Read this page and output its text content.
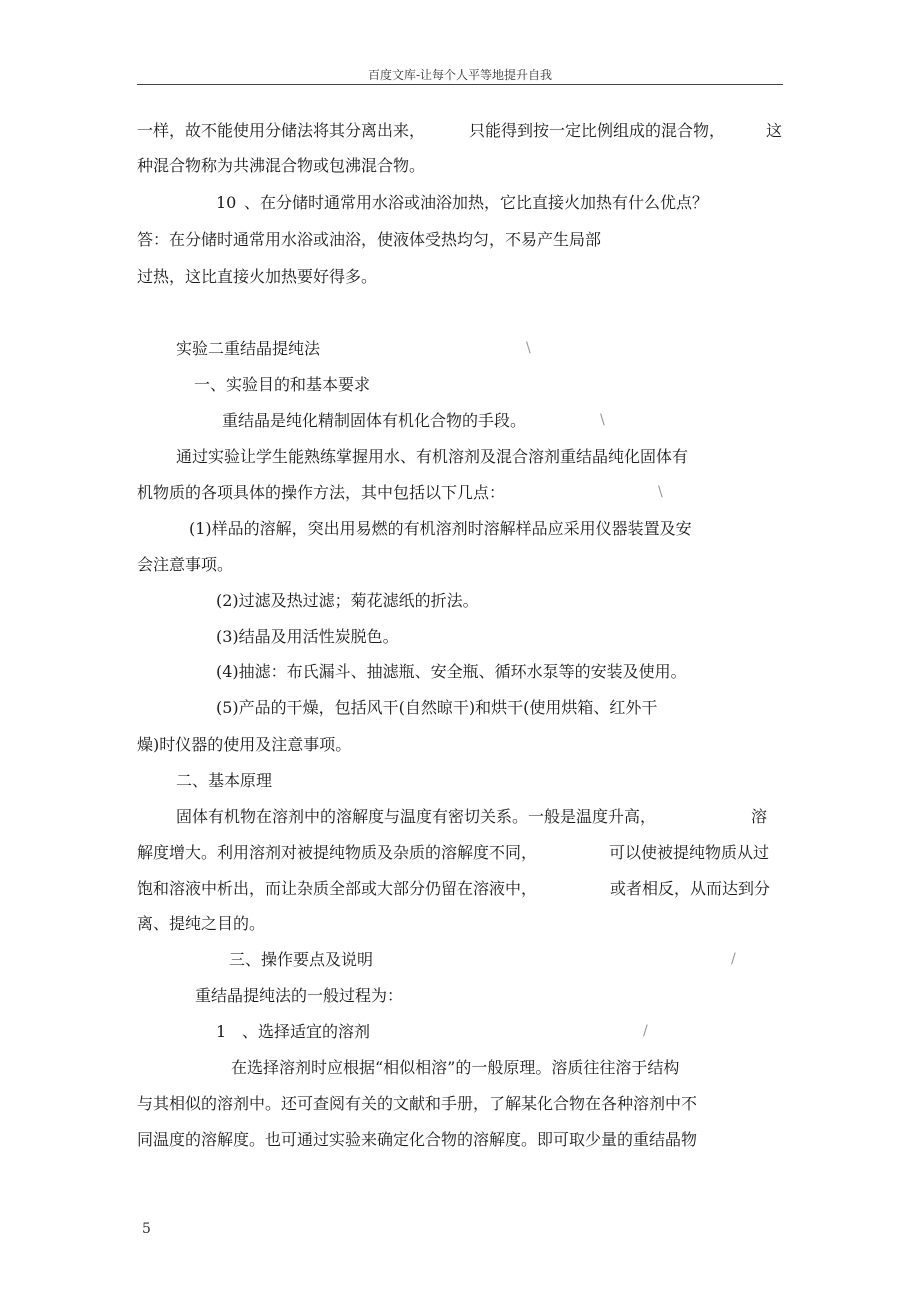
百度文库-让每个人平等地提升自我
一样，故不能使用分储法将其分离出来，	只能得到按一定比例组成的混合物，	这
种混合物称为共沸混合物或包沸混合物。
10 、在分储时通常用水浴或油浴加热，它比直接火加热有什么优点？
答：在分储时通常用水浴或油浴，使液体受热均匀，不易产生局部
过热，这比直接火加热要好得多。
实验二重结晶提纯法	\
一、实验目的和基本要求
重结晶是纯化精制固体有机化合物的手段。	\
通过实验让学生能熟练掌握用水、有机溶剂及混合溶剂重结晶纯化固体有
机物质的各项具体的操作方法，其中包括以下几点：	\
(1)样品的溶解，突出用易燃的有机溶剂时溶解样品应采用仪器装置及安
会注意事项。
(2)过滤及热过滤；菊花滤纸的折法。
(3)结晶及用活性炭脱色。
(4)抽滤：布氏漏斗、抽滤瓶、安全瓶、循环水泵等的安装及使用。
(5)产品的干燥，包括风干(自然晾干)和烘干(使用烘箱、红外干
燥)时仪器的使用及注意事项。
二、基本原理
固体有机物在溶剂中的溶解度与温度有密切关系。一般是温度升高，	溶
解度增大。利用溶剂对被提纯物质及杂质的溶解度不同，	可以使被提纯物质从过
饱和溶液中析出，而让杂质全部或大部分仍留在溶液中，	或者相反，从而达到分
离、提纯之目的。
三、操作要点及说明	/
重结晶提纯法的一般过程为：
1 、选择适宜的溶剂	/
在选择溶剂时应根据“相似相溶”的一般原理。溶质往往溶于结构
与其相似的溶剂中。还可查阅有关的文献和手册，了解某化合物在各种溶剂中不
同温度的溶解度。也可通过实验来确定化合物的溶解度。即可取少量的重结晶物
5
